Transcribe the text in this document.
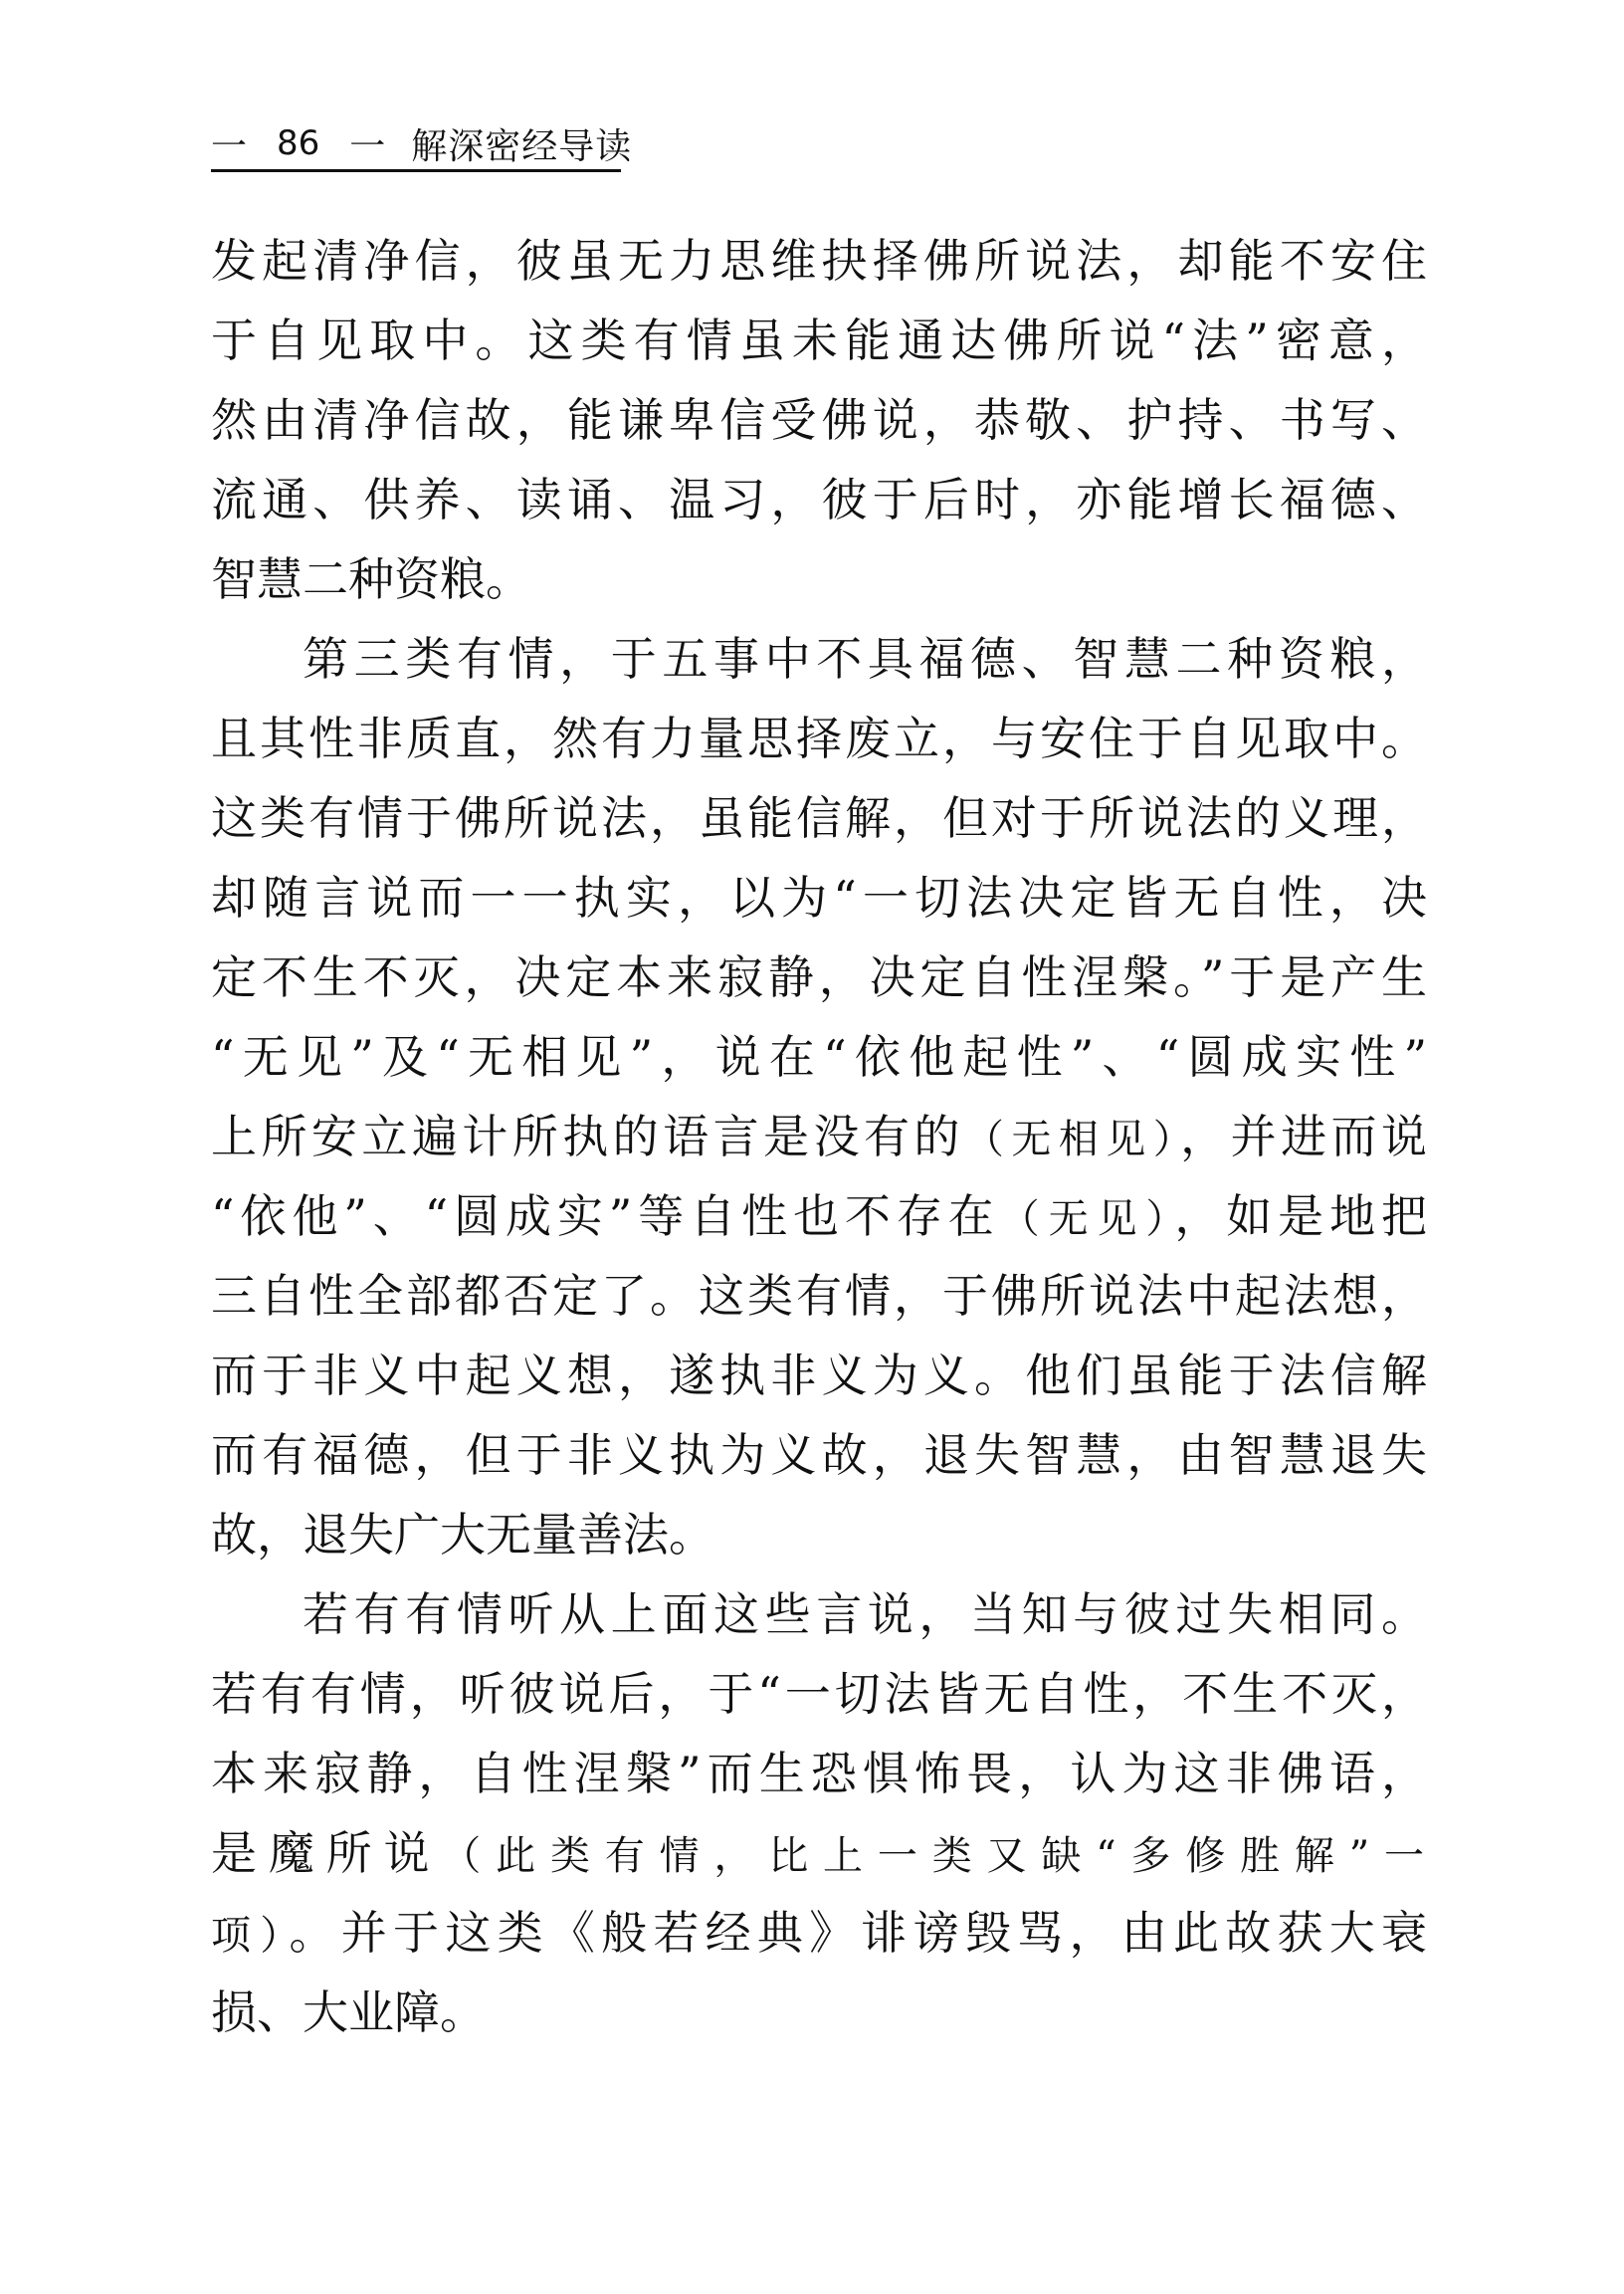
一 86 一 解深密经导读
发起清净信，彼虽无力思维抉择佛所说法，却能不安住
于自见取中。这类有情虽未能通达佛所说“法”密意，
然由清净信故，能谦卑信受佛说，恭敬、护持、书写、
流通、供养、读诵、温习，彼于后时，亦能增长福德、
智慧二种资粮。
第三类有情，于五事中不具福德、智慧二种资粮，
且其性非质直，然有力量思择废立，与安住于自见取中。
这类有情于佛所说法，虽能信解，但对于所说法的义理，
却随言说而一一执实，以为“一切法决定皆无自性，决
定不生不灭，决定本来寂静，决定自性涅槃。”于是产生
“无见”及“无相见”，说在“依他起性”、“圆成实性”
上所安立遍计所执的语言是没有的（无相见），并进而说
“依他”、“圆成实”等自性也不存在（无见），如是地把
三自性全部都否定了。这类有情，于佛所说法中起法想，
而于非义中起义想，遂执非义为义。他们虽能于法信解
而有福德，但于非义执为义故，退失智慧，由智慧退失
故，退失广大无量善法。
若有有情听从上面这些言说，当知与彼过失相同。
若有有情，听彼说后，于“一切法皆无自性，不生不灭，
本来寂静，自性涅槃”而生恐惧怖畏，认为这非佛语，
是魔所说（此类有情，比上一类又缺“多修胜解”一
项）。并于这类《般若经典》诽谤毁骂，由此故获大衰
损、大业障。
